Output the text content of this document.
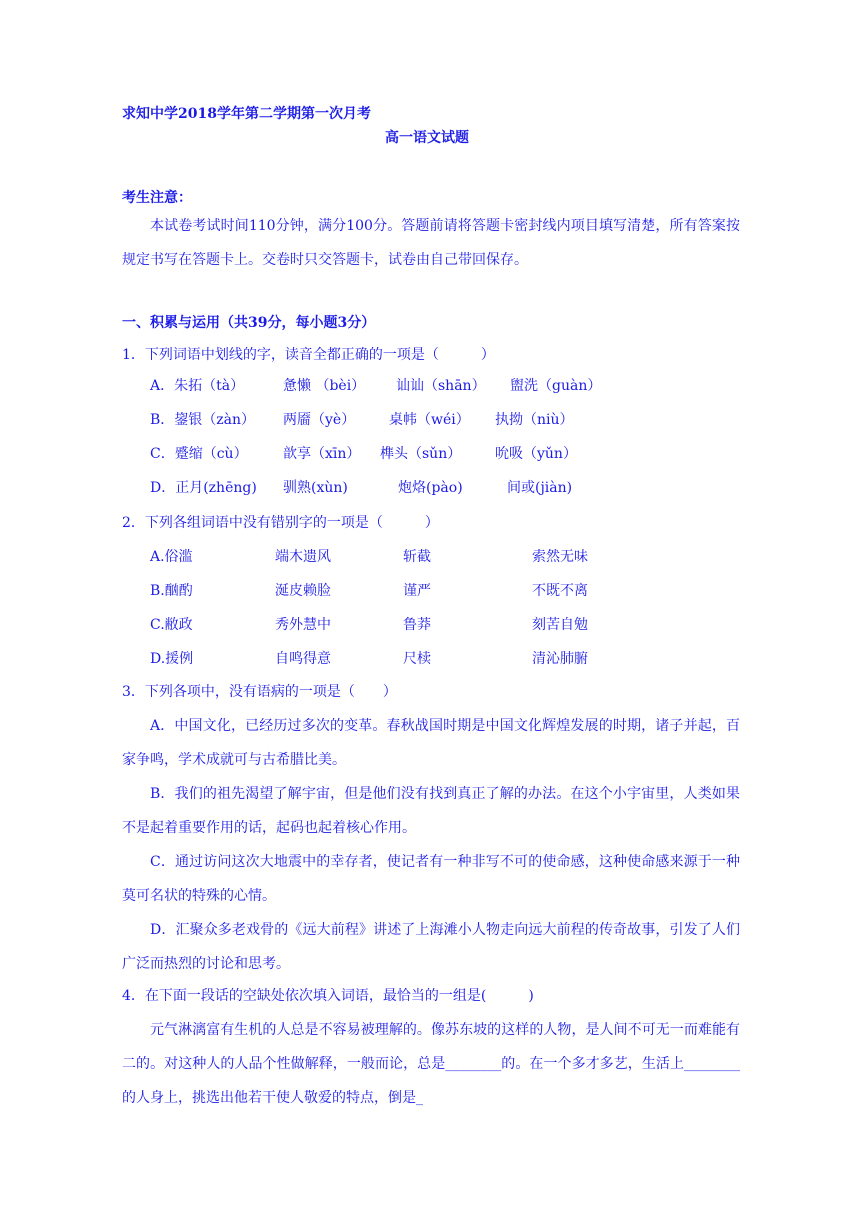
求知中学2018学年第二学期第一次月考
高一语文试题
考生注意：
本试卷考试时间110分钟，满分100分。答题前请将答题卡密封线内项目填写清楚，所有答案按规定书写在答题卡上。交卷时只交答题卡，试卷由自己带回保存。
一、积累与运用（共39分，每小题3分）
1．下列词语中划线的字，读音全都正确的一项是（　　　）
A．朱拓（tà）	惫懒 （bèi） 讪讪（shān） 盥洗（guàn）
B．鋆银（zàn） 两靥（yè） 桌帏（wéi） 执拗（niù）
C．蹙缩（cù）	歆享（xīn） 榫头（sǔn） 吮吸（yǔn）
D．正月(zhēng) 驯熟(xùn)	炮烙(pào)	间或(jiàn)
2．下列各组词语中没有错别字的一项是（　　　）
A.俗滥	端木遗风	斩截	索然无味
B.酗酌	涎皮赖脸	谨严	不既不离
C.敝政	秀外慧中	鲁莽	刻苦自勉
D.援例	自鸣得意	尺椟	清沁肺腑
3．下列各项中，没有语病的一项是（　　）
A．中国文化，已经历过多次的变革。春秋战国时期是中国文化辉煌发展的时期，诸子并起，百家争鸣，学术成就可与古希腊比美。
B．我们的祖先渴望了解宇宙，但是他们没有找到真正了解的办法。在这个小宇宙里，人类如果不是起着重要作用的话，起码也起着核心作用。
C．通过访问这次大地震中的幸存者，使记者有一种非写不可的使命感，这种使命感来源于一种莫可名状的特殊的心情。
D．汇聚众多老戏骨的《远大前程》讲述了上海滩小人物走向远大前程的传奇故事，引发了人们广泛而热烈的讨论和思考。
4．在下面一段话的空缺处依次填入词语，最恰当的一组是(　　　)
元气淋漓富有生机的人总是不容易被理解的。像苏东坡的这样的人物，是人间不可无一而难能有二的。对这种人的人品个性做解释，一般而论，总是________的。在一个多才多艺，生活上________的人身上，挑选出他若干使人敬爱的特点，倒是_
